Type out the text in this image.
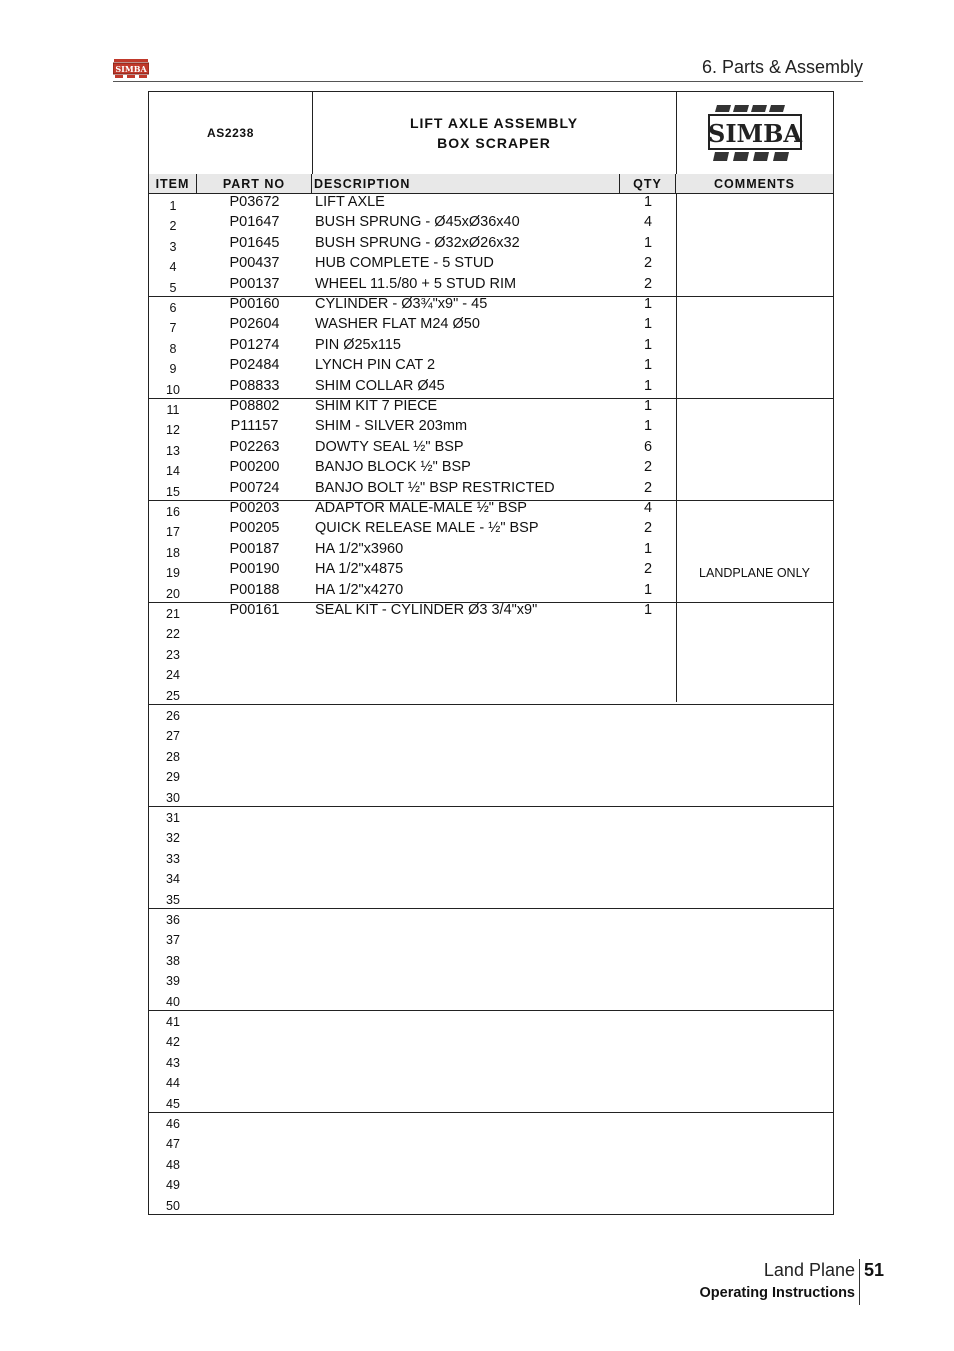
SIMBA	6. Parts & Assembly
AS2238
LIFT AXLE ASSEMBLY
BOX SCRAPER	SIMBA
ITEM	PART NO	DESCRIPTION	QTY	COMMENTS
1	P03672	LIFT AXLE	1
2	P01647	BUSH SPRUNG - Ø45xØ36x40	4
3	P01645	BUSH SPRUNG - Ø32xØ26x32	1
4	P00437	HUB COMPLETE - 5 STUD	2
5	P00137	WHEEL 11.5/80 + 5 STUD RIM	2
6	P00160	CYLINDER - Ø3¾"x9" - 45	1
7	P02604	WASHER FLAT M24 Ø50	1
8	P01274	PIN Ø25x115	1
9	P02484	LYNCH PIN CAT 2	1
10	P08833	SHIM COLLAR Ø45	1
11	P08802	SHIM KIT 7 PIECE	1
12	P11157	SHIM - SILVER 203mm	1
13	P02263	DOWTY SEAL ½" BSP	6
14	P00200	BANJO BLOCK ½" BSP	2
15	P00724	BANJO BOLT ½" BSP RESTRICTED	2
16	P00203	ADAPTOR MALE-MALE ½" BSP	4
17	P00205	QUICK RELEASE MALE - ½" BSP	2
18	P00187	HA 1/2"x3960	1
19	P00190	HA 1/2"x4875	2	LANDPLANE ONLY
20	P00188	HA 1/2"x4270	1
21	P00161	SEAL KIT - CYLINDER Ø3 3/4"x9"	1
22
23
24
25
26
27
28
29
30
31
32
33
34
35
36
37
38
39
40
41
42
43
44
45
46
47
48
49
50
Land Plane 51
Operating Instructions
